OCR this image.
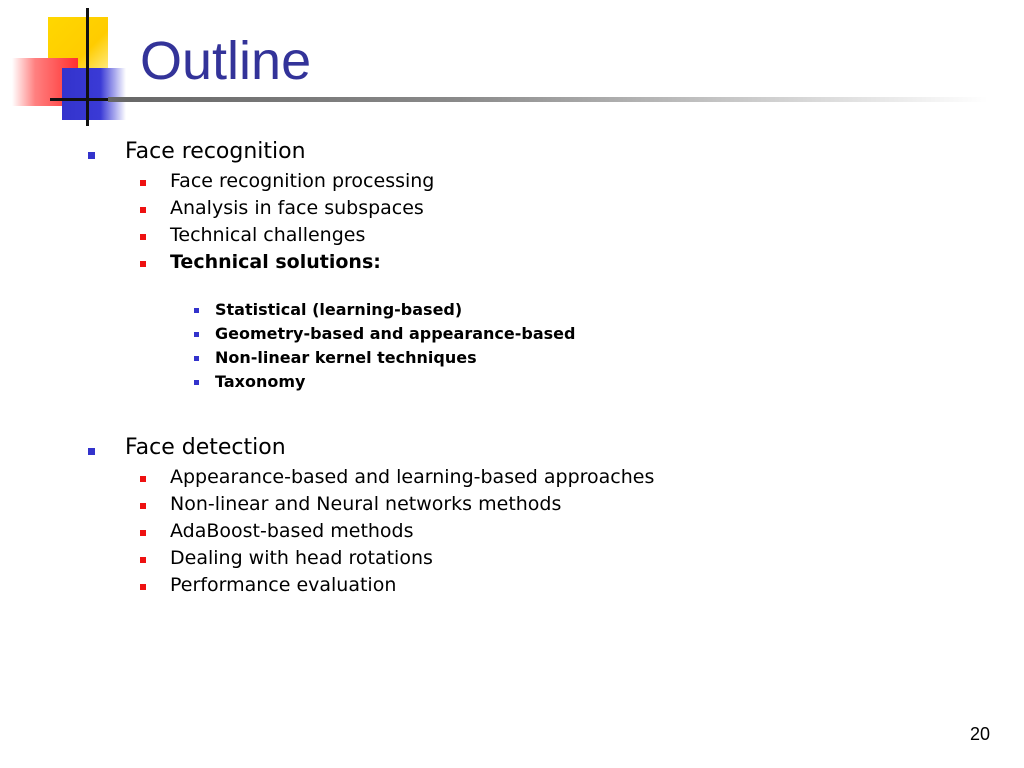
Outline
Face recognition
Face recognition processing
Analysis in face subspaces
Technical challenges
Technical solutions:
Statistical (learning-based)
Geometry-based and appearance-based
Non-linear kernel techniques
Taxonomy
Face detection
Appearance-based and learning-based approaches
Non-linear and Neural networks methods
AdaBoost-based methods
Dealing with head rotations
Performance evaluation
20
